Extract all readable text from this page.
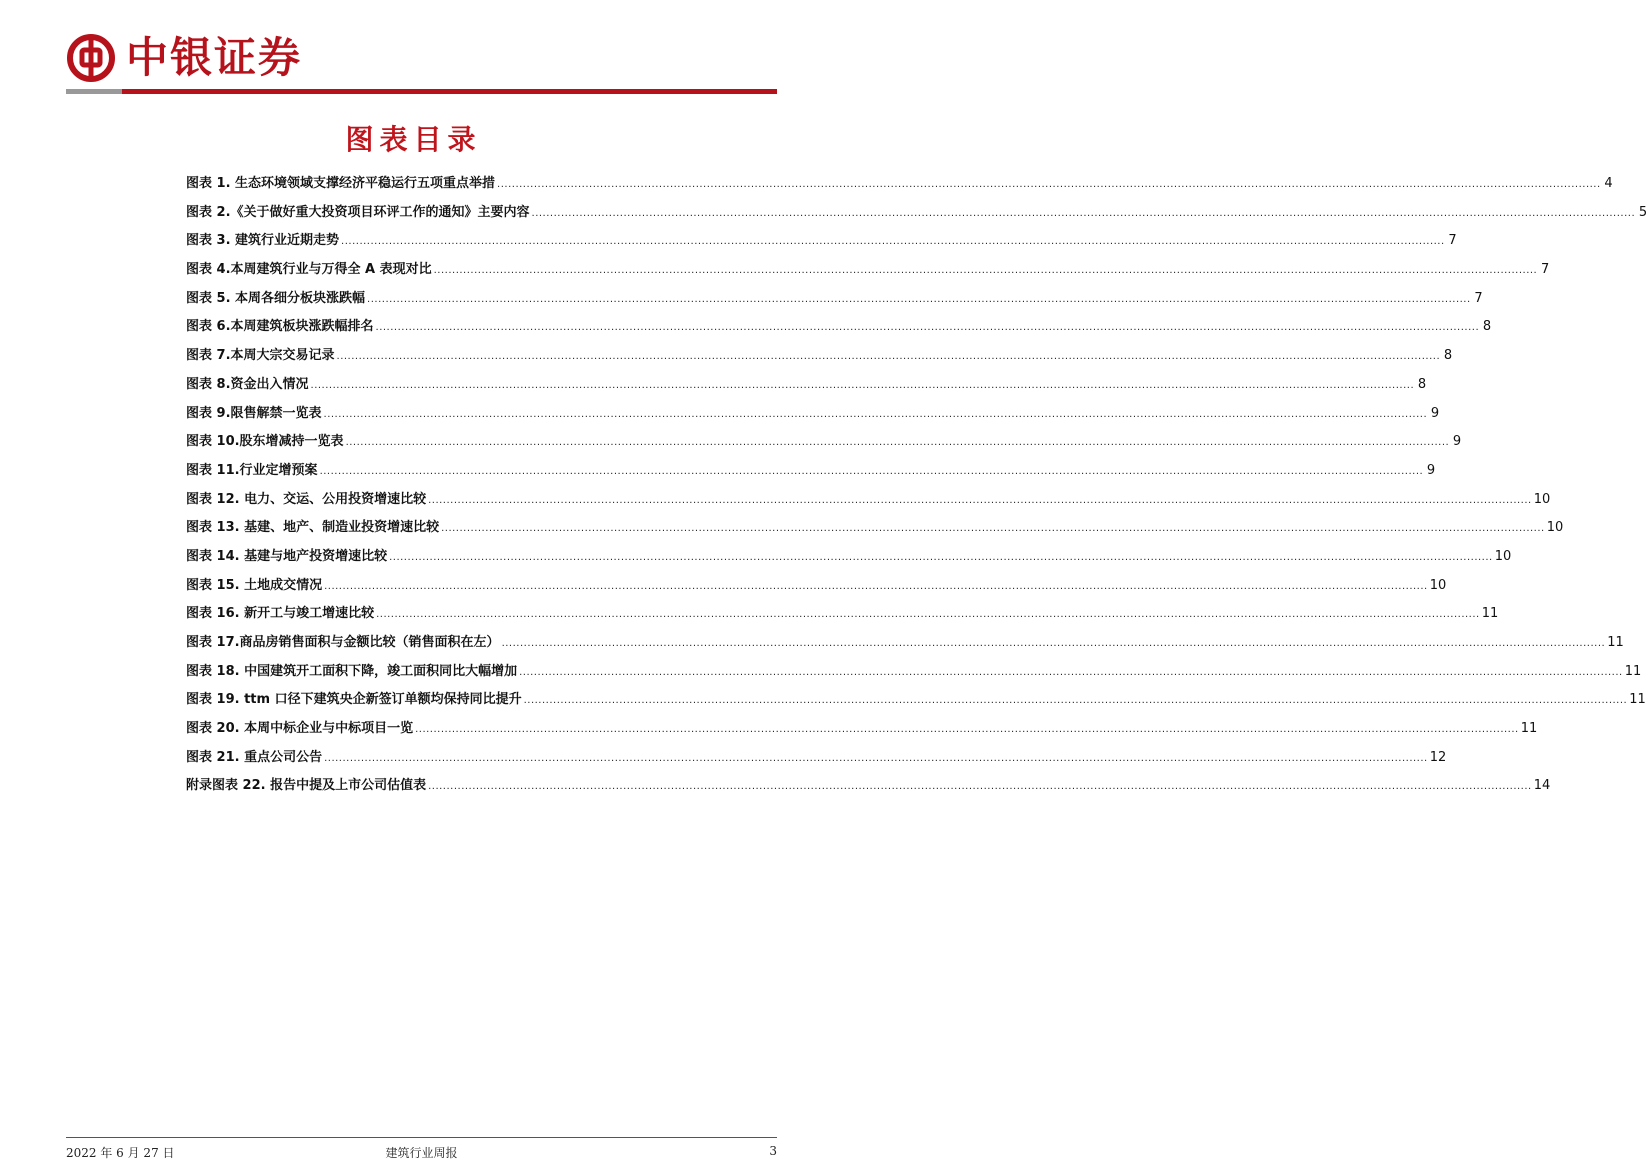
中银证券
图表目录
图表 1. 生态环境领域支撑经济平稳运行五项重点举措 ............................................................................................................................................................................................................................................................................................................ 4
图表 2.《关于做好重大投资项目环评工作的通知》主要内容 ............................................................................................................................................................................................................................................................................................................ 5
图表 3. 建筑行业近期走势 ............................................................................................................................................................................................................................................................................................................ 7
图表 4.本周建筑行业与万得全 A 表现对比 ............................................................................................................................................................................................................................................................................................................ 7
图表 5. 本周各细分板块涨跌幅 ............................................................................................................................................................................................................................................................................................................ 7
图表 6.本周建筑板块涨跌幅排名 ............................................................................................................................................................................................................................................................................................................ 8
图表 7.本周大宗交易记录 ............................................................................................................................................................................................................................................................................................................ 8
图表 8.资金出入情况 ............................................................................................................................................................................................................................................................................................................ 8
图表 9.限售解禁一览表 ............................................................................................................................................................................................................................................................................................................ 9
图表 10.股东增减持一览表 ............................................................................................................................................................................................................................................................................................................ 9
图表 11.行业定增预案 ............................................................................................................................................................................................................................................................................................................ 9
图表 12. 电力、交运、公用投资增速比较 ............................................................................................................................................................................................................................................................................................................ 10
图表 13. 基建、地产、制造业投资增速比较 ............................................................................................................................................................................................................................................................................................................ 10
图表 14. 基建与地产投资增速比较 ............................................................................................................................................................................................................................................................................................................ 10
图表 15. 土地成交情况 ............................................................................................................................................................................................................................................................................................................ 10
图表 16. 新开工与竣工增速比较 ............................................................................................................................................................................................................................................................................................................ 11
图表 17.商品房销售面积与金额比较（销售面积在左） ............................................................................................................................................................................................................................................................................................................ 11
图表 18. 中国建筑开工面积下降，竣工面积同比大幅增加 ............................................................................................................................................................................................................................................................................................................ 11
图表 19. ttm 口径下建筑央企新签订单额均保持同比提升 ............................................................................................................................................................................................................................................................................................................ 11
图表 20. 本周中标企业与中标项目一览 ............................................................................................................................................................................................................................................................................................................ 11
图表 21. 重点公司公告 ............................................................................................................................................................................................................................................................................................................ 12
附录图表 22. 报告中提及上市公司估值表 ............................................................................................................................................................................................................................................................................................................ 14
2022 年 6 月 27 日	建筑行业周报	3
